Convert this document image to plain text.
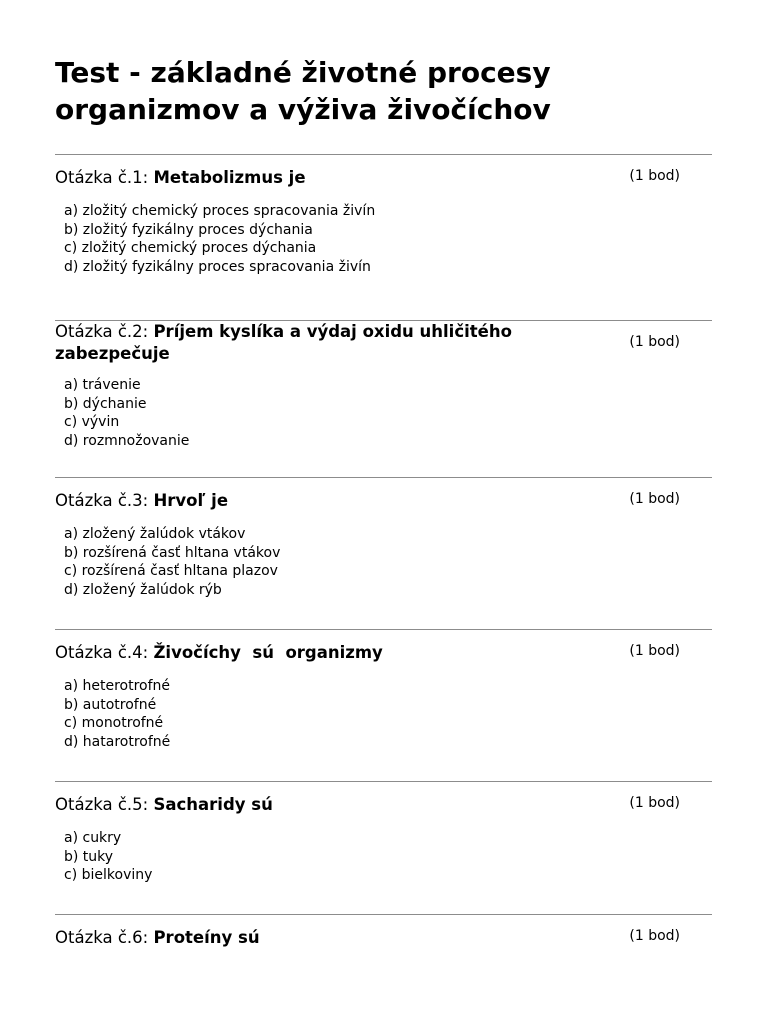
Test - základné životné procesy
organizmov a výživa živočíchov
Otázka č.1: Metabolizmus je	(1 bod)
a) zložitý chemický proces spracovania živín
b) zložitý fyzikálny proces dýchania
c) zložitý chemický proces dýchania
d) zložitý fyzikálny proces spracovania živín
Otázka č.2: Príjem kyslíka a výdaj oxidu uhličitého zabezpečuje
(1 bod)
a) trávenie
b) dýchanie
c) vývin
d) rozmnožovanie
Otázka č.3: Hrvoľ je	(1 bod)
a) zložený žalúdok vtákov
b) rozšírená časť hltana vtákov
c) rozšírená časť hltana plazov
d) zložený žalúdok rýb
Otázka č.4: Živočíchy  sú  organizmy	(1 bod)
a) heterotrofné
b) autotrofné
c) monotrofné
d) hatarotrofné
Otázka č.5: Sacharidy sú	(1 bod)
a) cukry
b) tuky
c) bielkoviny
Otázka č.6: Proteíny sú	(1 bod)
